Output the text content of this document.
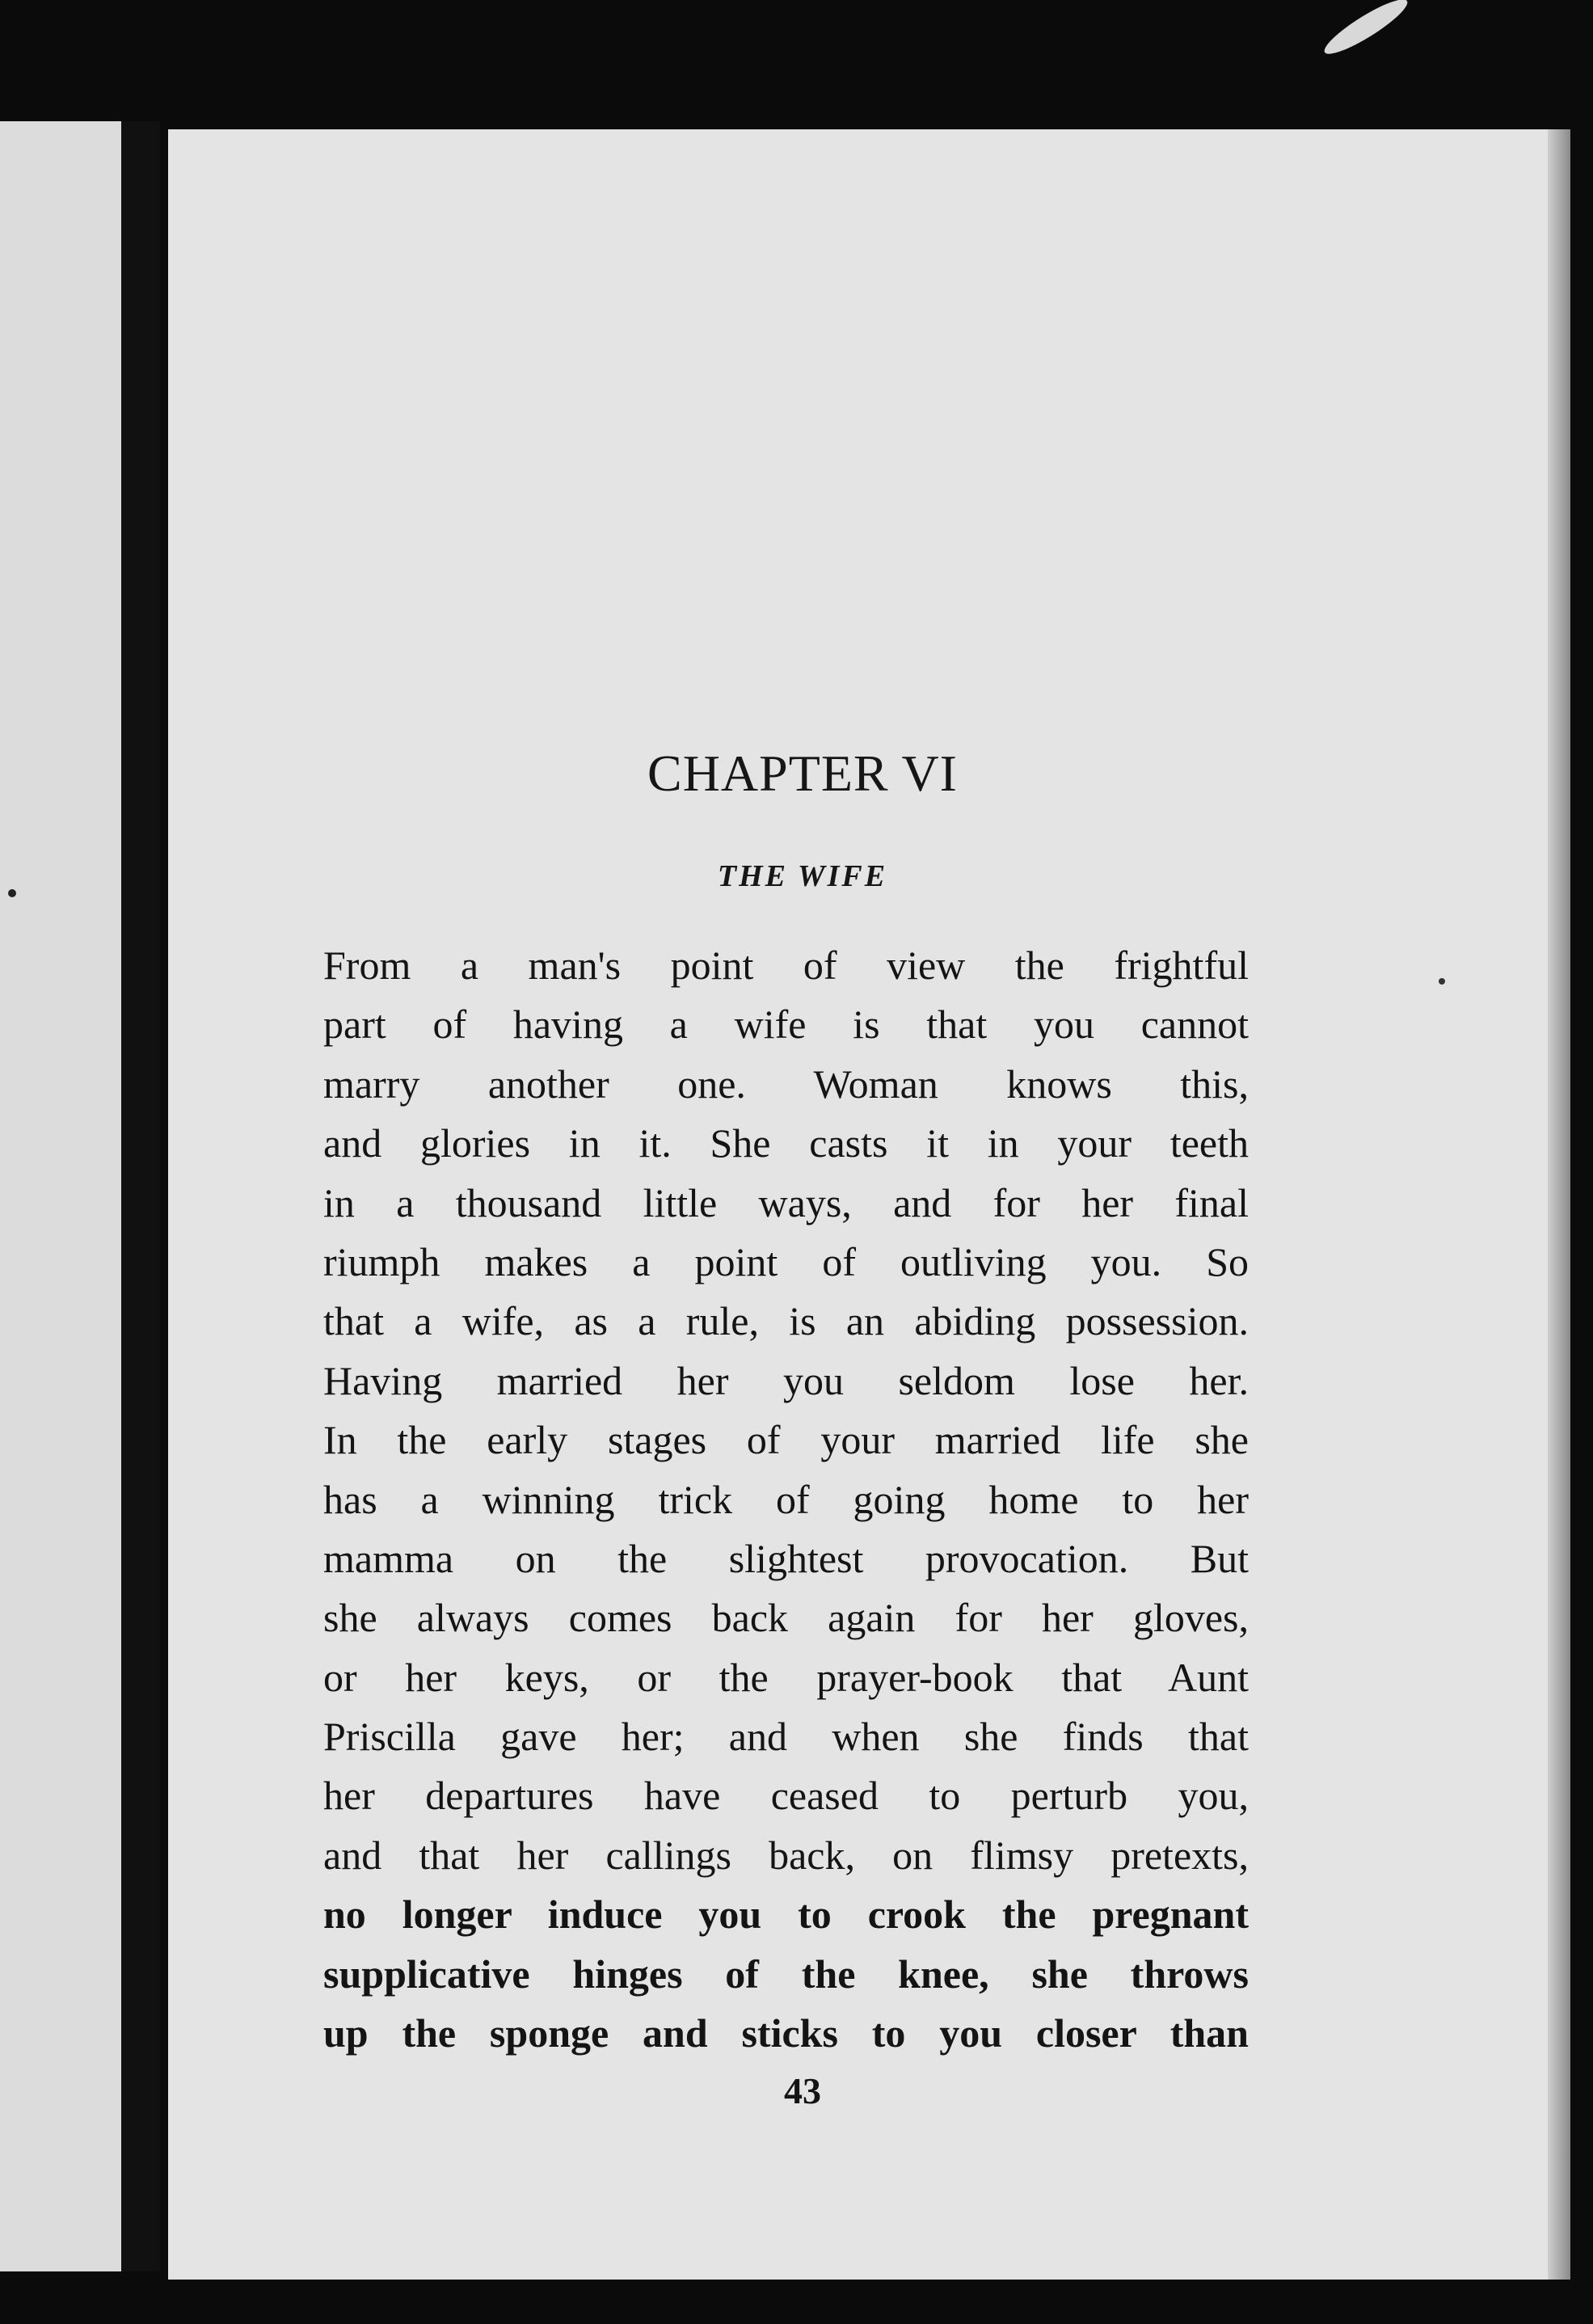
CHAPTER VI
THE WIFE
From a man's point of view the frightful
part of having a wife is that you cannot
marry another one. Woman knows this,
and glories in it. She casts it in your teeth
in a thousand little ways, and for her final
riumph makes a point of outliving you. So
that a wife, as a rule, is an abiding possession.
Having married her you seldom lose her.
In the early stages of your married life she
has a winning trick of going home to her
mamma on the slightest provocation. But
she always comes back again for her gloves,
or her keys, or the prayer-book that Aunt
Priscilla gave her; and when she finds that
her departures have ceased to perturb you,
and that her callings back, on flimsy pretexts,
no longer induce you to crook the pregnant
supplicative hinges of the knee, she throws
up the sponge and sticks to you closer than
43
